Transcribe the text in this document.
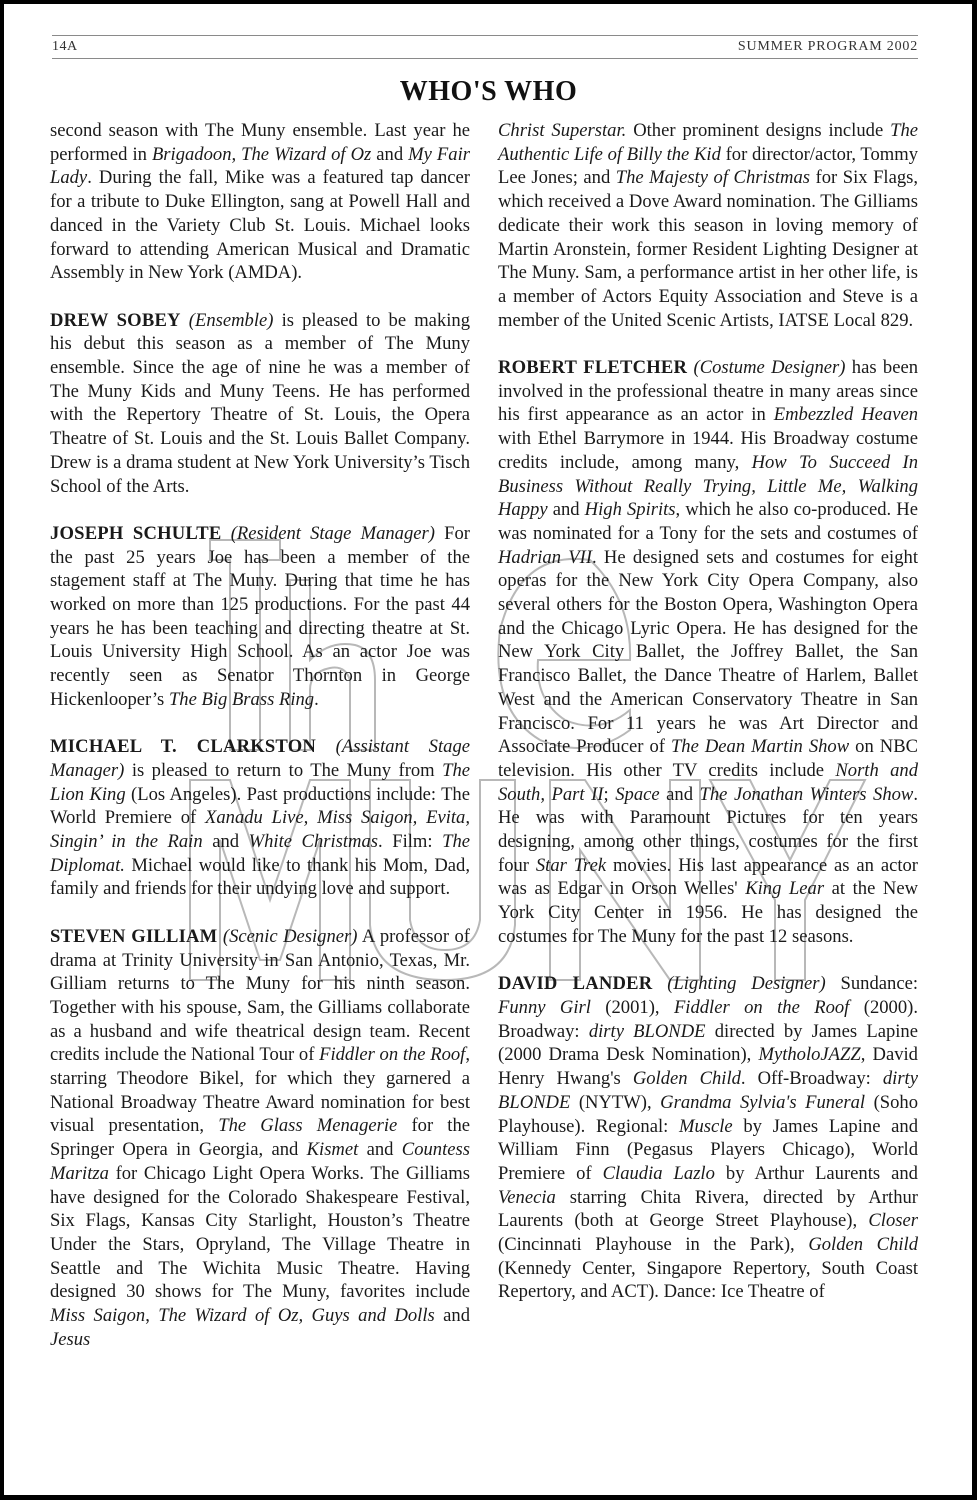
14A	SUMMER PROGRAM 2002
WHO'S WHO

second season with The Muny ensemble. Last year he performed in Brigadoon, The Wizard of Oz and My Fair Lady. During the fall, Mike was a featured tap dancer for a tribute to Duke Ellington, sang at Powell Hall and danced in the Variety Club St. Louis. Michael looks forward to attending American Musical and Dramatic Assembly in New York (AMDA).

DREW SOBEY (Ensemble) is pleased to be making his debut this season as a member of The Muny ensemble. Since the age of nine he was a member of The Muny Kids and Muny Teens. He has performed with the Repertory Theatre of St. Louis, the Opera Theatre of St. Louis and the St. Louis Ballet Company. Drew is a drama student at New York University’s Tisch School of the Arts.

JOSEPH SCHULTE (Resident Stage Manager) For the past 25 years Joe has been a member of the stagement staff at The Muny. During that time he has worked on more than 125 productions. For the past 44 years he has been teaching and directing theatre at St. Louis University High School. As an actor Joe was recently seen as Senator Thornton in George Hickenlooper’s The Big Brass Ring.

MICHAEL T. CLARKSTON (Assistant Stage Manager) is pleased to return to The Muny from The Lion King (Los Angeles). Past productions include: The World Premiere of Xanadu Live, Miss Saigon, Evita, Singin’ in the Rain and White Christmas. Film: The Diplomat. Michael would like to thank his Mom, Dad, family and friends for their undying love and support.

STEVEN GILLIAM (Scenic Designer) A professor of drama at Trinity University in San Antonio, Texas, Mr. Gilliam returns to The Muny for his ninth season. Together with his spouse, Sam, the Gilliams collaborate as a husband and wife theatrical design team. Recent credits include the National Tour of Fiddler on the Roof, starring Theodore Bikel, for which they garnered a National Broadway Theatre Award nomination for best visual presentation, The Glass Menagerie for the Springer Opera in Georgia, and Kismet and Countess Maritza for Chicago Light Opera Works. The Gilliams have designed for the Colorado Shakespeare Festival, Six Flags, Kansas City Starlight, Houston’s Theatre Under the Stars, Opryland, The Village Theatre in Seattle and The Wichita Music Theatre. Having designed 30 shows for The Muny, favorites include Miss Saigon, The Wizard of Oz, Guys and Dolls and Jesus

Christ Superstar. Other prominent designs include The Authentic Life of Billy the Kid for director/actor, Tommy Lee Jones; and The Majesty of Christmas for Six Flags, which received a Dove Award nomination. The Gilliams dedicate their work this season in loving memory of Martin Aronstein, former Resident Lighting Designer at The Muny. Sam, a performance artist in her other life, is a member of Actors Equity Association and Steve is a member of the United Scenic Artists, IATSE Local 829.

ROBERT FLETCHER (Costume Designer) has been involved in the professional theatre in many areas since his first appearance as an actor in Embezzled Heaven with Ethel Barrymore in 1944. His Broadway costume credits include, among many, How To Succeed In Business Without Really Trying, Little Me, Walking Happy and High Spirits, which he also co-produced. He was nominated for a Tony for the sets and costumes of Hadrian VII. He designed sets and costumes for eight operas for the New York City Opera Company, also several others for the Boston Opera, Washington Opera and the Chicago Lyric Opera. He has designed for the New York City Ballet, the Joffrey Ballet, the San Francisco Ballet, the Dance Theatre of Harlem, Ballet West and the American Conservatory Theatre in San Francisco. For 11 years he was Art Director and Associate Producer of The Dean Martin Show on NBC television. His other TV credits include North and South, Part II; Space and The Jonathan Winters Show. He was with Paramount Pictures for ten years designing, among other things, costumes for the first four Star Trek movies. His last appearance as an actor was as Edgar in Orson Welles' King Lear at the New York City Center in 1956. He has designed the costumes for The Muny for the past 12 seasons.

DAVID LANDER (Lighting Designer) Sundance: Funny Girl (2001), Fiddler on the Roof (2000). Broadway: dirty BLONDE directed by James Lapine (2000 Drama Desk Nomination), MytholoJAZZ, David Henry Hwang's Golden Child. Off-Broadway: dirty BLONDE (NYTW), Grandma Sylvia's Funeral (Soho Playhouse). Regional: Muscle by James Lapine and William Finn (Pegasus Players Chicago), World Premiere of Claudia Lazlo by Arthur Laurents and Venecia starring Chita Rivera, directed by Arthur Laurents (both at George Street Playhouse), Closer (Cincinnati Playhouse in the Park), Golden Child (Kennedy Center, Singapore Repertory, South Coast Repertory, and ACT). Dance: Ice Theatre of
